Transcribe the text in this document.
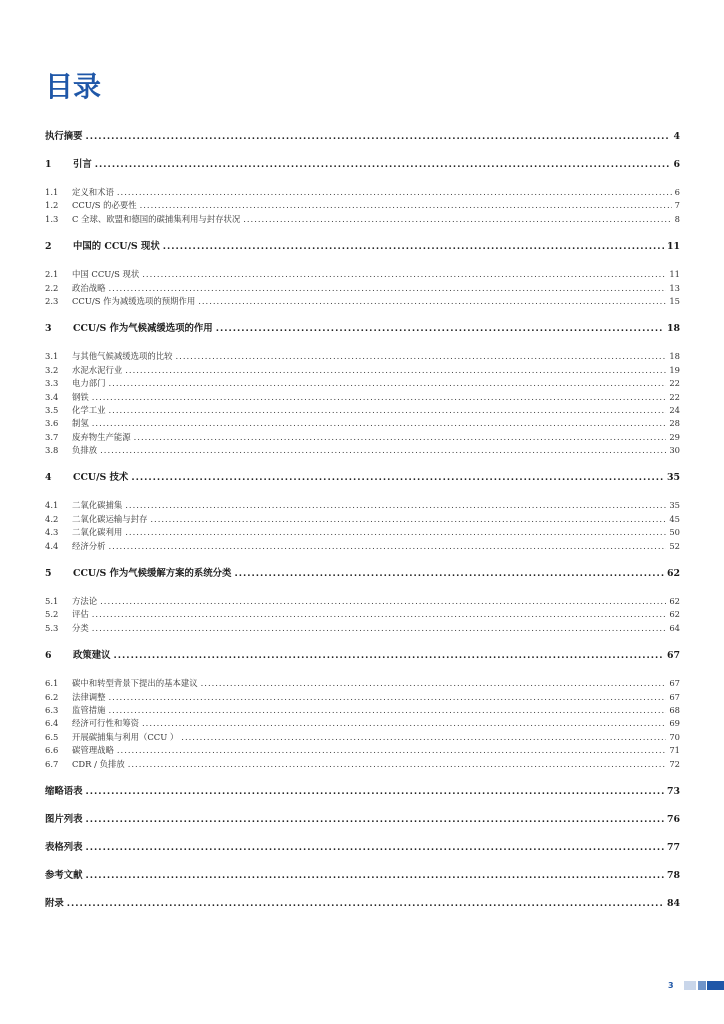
目录
执行摘要 .....	4
1	引言 .....	6
1.1	定义和术语 .....	6
1.2	CCU/S 的必要性 .....	7
1.3	C 全球、欧盟和德国的碳捕集利用与封存状况 .....	8
2	中国的 CCU/S 现状 .....	11
2.1	中国 CCU/S 现状 .....	11
2.2	政治战略 .....	13
2.3	CCU/S 作为减缓选项的预期作用 .....	15
3	CCU/S 作为气候减缓选项的作用 .....	18
3.1	与其他气候减缓选项的比较 .....	18
3.2	水泥水泥行业 .....	19
3.3	电力部门 .....	22
3.4	钢铁 .....	22
3.5	化学工业 .....	24
3.6	制氢 .....	28
3.7	废弃物生产能源 .....	29
3.8	负排放 .....	30
4	CCU/S 技术 .....	35
4.1	二氧化碳捕集 .....	35
4.2	二氧化碳运输与封存 .....	45
4.3	二氧化碳利用 .....	50
4.4	经济分析 .....	52
5	CCU/S 作为气候缓解方案的系统分类 .....	62
5.1	方法论 .....	62
5.2	评估 .....	62
5.3	分类 .....	64
6	政策建议 .....	67
6.1	碳中和转型背景下提出的基本建议 .....	67
6.2	法律调整 .....	67
6.3	监管措施 .....	68
6.4	经济可行性和筹资 .....	69
6.5	开展碳捕集与利用（CCU ） .....	70
6.6	碳管理战略 .....	71
6.7	CDR / 负排放 .....	72
缩略语表 .....	73
图片列表 .....	76
表格列表 .....	77
参考文献 .....	78
附录 .....	84
3
